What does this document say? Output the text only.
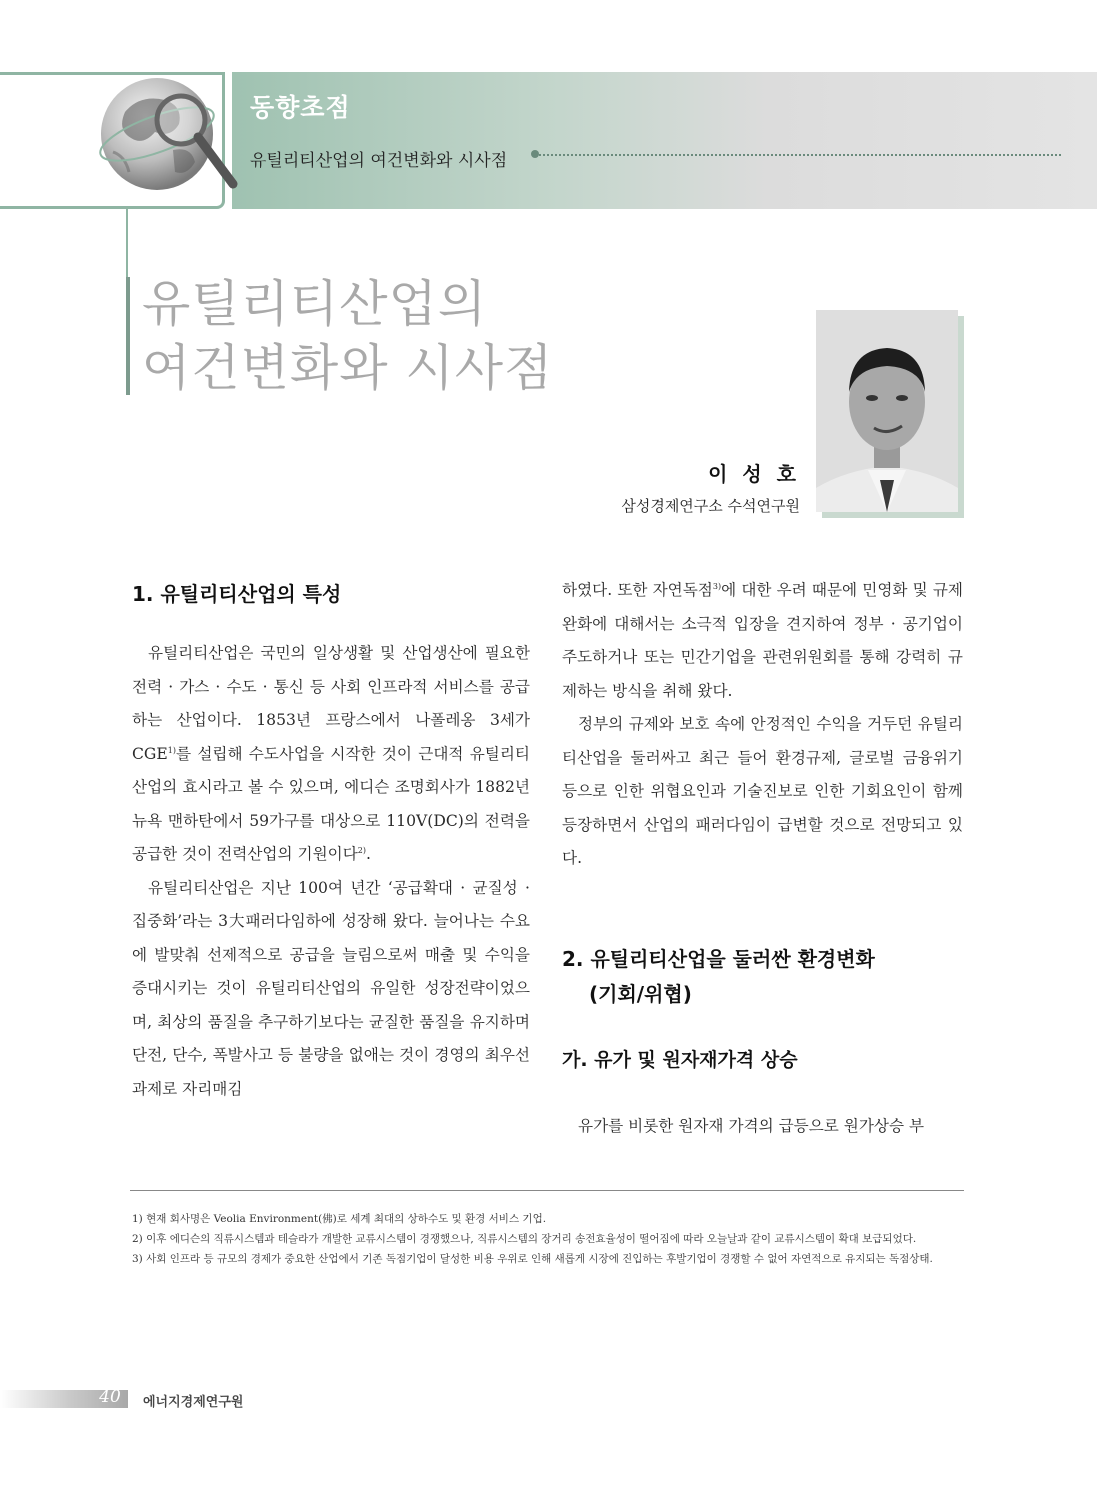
동향초점
유틸리티산업의 여건변화와 시사점
유틸리티산업의
여건변화와 시사점
이 성 호
삼성경제연구소 수석연구원
1. 유틸리티산업의 특성

유틸리티산업은 국민의 일상생활 및 산업생산에 필요한 전력 · 가스 · 수도 · 통신 등 사회 인프라적 서비스를 공급하는 산업이다. 1853년 프랑스에서 나폴레옹 3세가 CGE$^{1)}$를 설립해 수도사업을 시작한 것이 근대적 유틸리티산업의 효시라고 볼 수 있으며, 에디슨 조명회사가 1882년 뉴욕 맨하탄에서 59가구를 대상으로 110V(DC)의 전력을 공급한 것이 전력산업의 기원이다$^{2)}$.

유틸리티산업은 지난 100여 년간 ‘공급확대 · 균질성 · 집중화’라는 3大패러다임하에 성장해 왔다. 늘어나는 수요에 발맞춰 선제적으로 공급을 늘림으로써 매출 및 수익을 증대시키는 것이 유틸리티산업의 유일한 성장전략이었으며, 최상의 품질을 추구하기보다는 균질한 품질을 유지하며 단전, 단수, 폭발사고 등 불량을 없애는 것이 경영의 최우선 과제로 자리매김

하였다. 또한 자연독점$^{3)}$에 대한 우려 때문에 민영화 및 규제완화에 대해서는 소극적 입장을 견지하여 정부 · 공기업이 주도하거나 또는 민간기업을 관련위원회를 통해 강력히 규제하는 방식을 취해 왔다.

정부의 규제와 보호 속에 안정적인 수익을 거두던 유틸리티산업을 둘러싸고 최근 들어 환경규제, 글로벌 금융위기 등으로 인한 위협요인과 기술진보로 인한 기회요인이 함께 등장하면서 산업의 패러다임이 급변할 것으로 전망되고 있다.

2. 유틸리티산업을 둘러싼 환경변화
(기회/위협)
가. 유가 및 원자재가격 상승
유가를 비롯한 원자재 가격의 급등으로 원가상승 부

1) 현재 회사명은 Veolia Environment(佛)로 세계 최대의 상하수도 및 환경 서비스 기업.

2) 이후 에디슨의 직류시스템과 테슬라가 개발한 교류시스템이 경쟁했으나, 직류시스템의 장거리 송전효율성이 떨어짐에 따라 오늘날과 같이 교류시스템이 확대 보급되었다.

3) 사회 인프라 등 규모의 경제가 중요한 산업에서 기존 독점기업이 달성한 비용 우위로 인해 새롭게 시장에 진입하는 후발기업이 경쟁할 수 없어 자연적으로 유지되는 독점상태.

40	에너지경제연구원
